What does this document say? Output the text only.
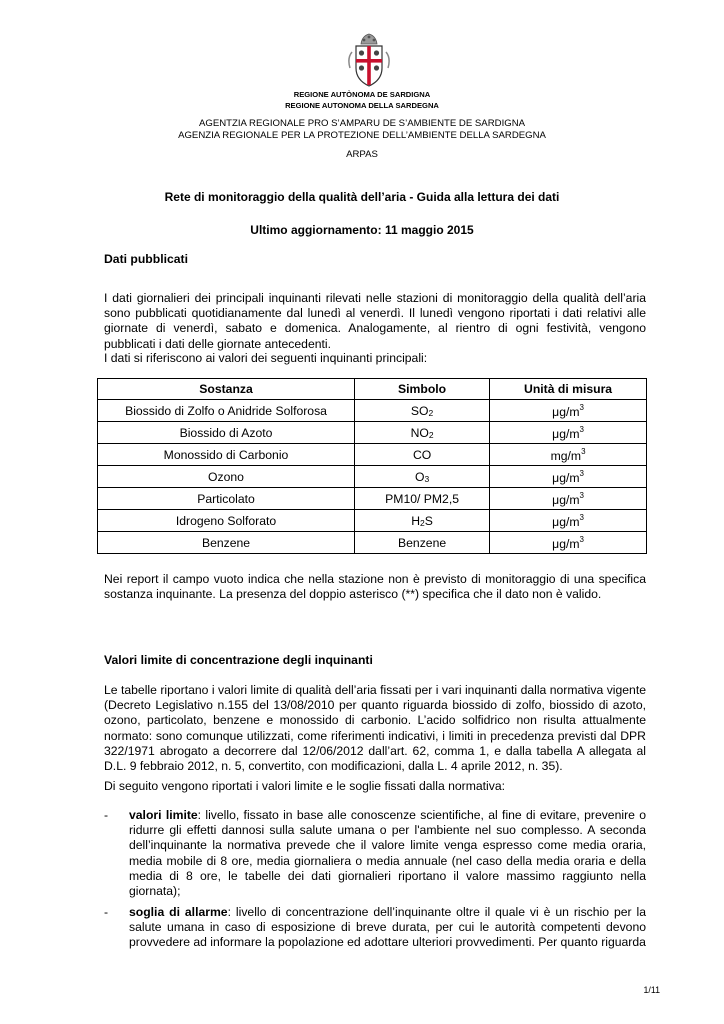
REGIONE AUTÒNOMA DE SARDIGNA
REGIONE AUTONOMA DELLA SARDEGNA
AGENTZIA REGIONALE PRO S’AMPARU DE S’AMBIENTE DE SARDIGNA
AGENZIA REGIONALE PER LA PROTEZIONE DELL’AMBIENTE DELLA SARDEGNA
ARPAS
Rete di monitoraggio della qualità dell’aria - Guida alla lettura dei dati
Ultimo aggiornamento: 11 maggio 2015
Dati pubblicati
I dati giornalieri dei principali inquinanti rilevati nelle stazioni di monitoraggio della qualità dell’aria sono pubblicati quotidianamente dal lunedì al venerdì. Il lunedì vengono riportati i dati relativi alle giornate di venerdì, sabato e domenica. Analogamente, al rientro di ogni festività, vengono pubblicati i dati delle giornate antecedenti.
I dati si riferiscono ai valori dei seguenti inquinanti principali:
Sostanza	Simbolo	Unità di misura
Biossido di Zolfo o Anidride Solforosa	SO2	$\mu g/m^3$
Biossido di Azoto	NO2	$\mu g/m^3$
Monossido di Carbonio	CO	$mg/m^3$
Ozono	O3	$\mu g/m^3$
Particolato	PM10/ PM2,5	$\mu g/m^3$
Idrogeno Solforato	H2S	$\mu g/m^3$
Benzene	Benzene	$\mu g/m^3$
Nei report il campo vuoto indica che nella stazione non è previsto di monitoraggio di una specifica sostanza inquinante. La presenza del doppio asterisco (**) specifica che il dato non è valido.
Valori limite di concentrazione degli inquinanti
Le tabelle riportano i valori limite di qualità dell’aria fissati per i vari inquinanti dalla normativa vigente (Decreto Legislativo n.155 del 13/08/2010 per quanto riguarda biossido di zolfo, biossido di azoto, ozono, particolato, benzene e monossido di carbonio. L’acido solfidrico non risulta attualmente normato: sono comunque utilizzati, come riferimenti indicativi, i limiti in precedenza previsti dal DPR 322/1971 abrogato a decorrere dal 12/06/2012 dall’art. 62, comma 1, e dalla tabella A allegata al D.L. 9 febbraio 2012, n. 5, convertito, con modificazioni, dalla L. 4 aprile 2012, n. 35).
Di seguito vengono riportati i valori limite e le soglie fissati dalla normativa:
- valori limite: livello, fissato in base alle conoscenze scientifiche, al fine di evitare, prevenire o ridurre gli effetti dannosi sulla salute umana o per l'ambiente nel suo complesso. A seconda dell’inquinante la normativa prevede che il valore limite venga espresso come media oraria, media mobile di 8 ore, media giornaliera o media annuale (nel caso della media oraria e della media di 8 ore, le tabelle dei dati giornalieri riportano il valore massimo raggiunto nella giornata);
- soglia di allarme: livello di concentrazione dell’inquinante oltre il quale vi è un rischio per la salute umana in caso di esposizione di breve durata, per cui le autorità competenti devono provvedere ad informare la popolazione ed adottare ulteriori provvedimenti. Per quanto riguarda
1/11
